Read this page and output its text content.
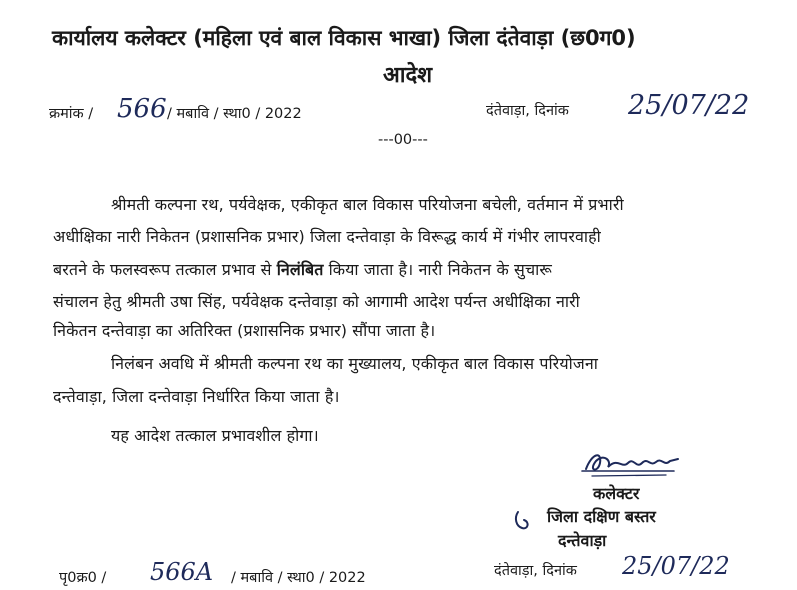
कार्यालय कलेक्टर (महिला एवं बाल विकास भाखा) जिला दंतेवाड़ा (छ0ग0)
आदेश
क्रमांक / 566 / मबावि / स्था0 / 2022	दंतेवाड़ा, दिनांक 25/07/22
---00---
श्रीमती कल्पना रथ, पर्यवेक्षक, एकीकृत बाल विकास परियोजना बचेली, वर्तमान में प्रभारी
अधीक्षिका नारी निकेतन (प्रशासनिक प्रभार) जिला दन्तेवाड़ा के विरूद्ध कार्य में गंभीर लापरवाही
बरतने के फलस्वरूप तत्काल प्रभाव से निलंबित किया जाता है। नारी निकेतन के सुचारू
संचालन हेतु श्रीमती उषा सिंह, पर्यवेक्षक दन्तेवाड़ा को आगामी आदेश पर्यन्त अधीक्षिका नारी
निकेतन दन्तेवाड़ा का अतिरिक्त (प्रशासनिक प्रभार) सौंपा जाता है।
निलंबन अवधि में श्रीमती कल्पना रथ का मुख्यालय, एकीकृत बाल विकास परियोजना
दन्तेवाड़ा, जिला दन्तेवाड़ा निर्धारित किया जाता है।
यह आदेश तत्काल प्रभावशील होगा।
कलेक्टर
जिला दक्षिण बस्तर
दन्तेवाड़ा
पृ0क्र0 / 566A / मबावि / स्था0 / 2022	दंतेवाड़ा, दिनांक 25/07/22
